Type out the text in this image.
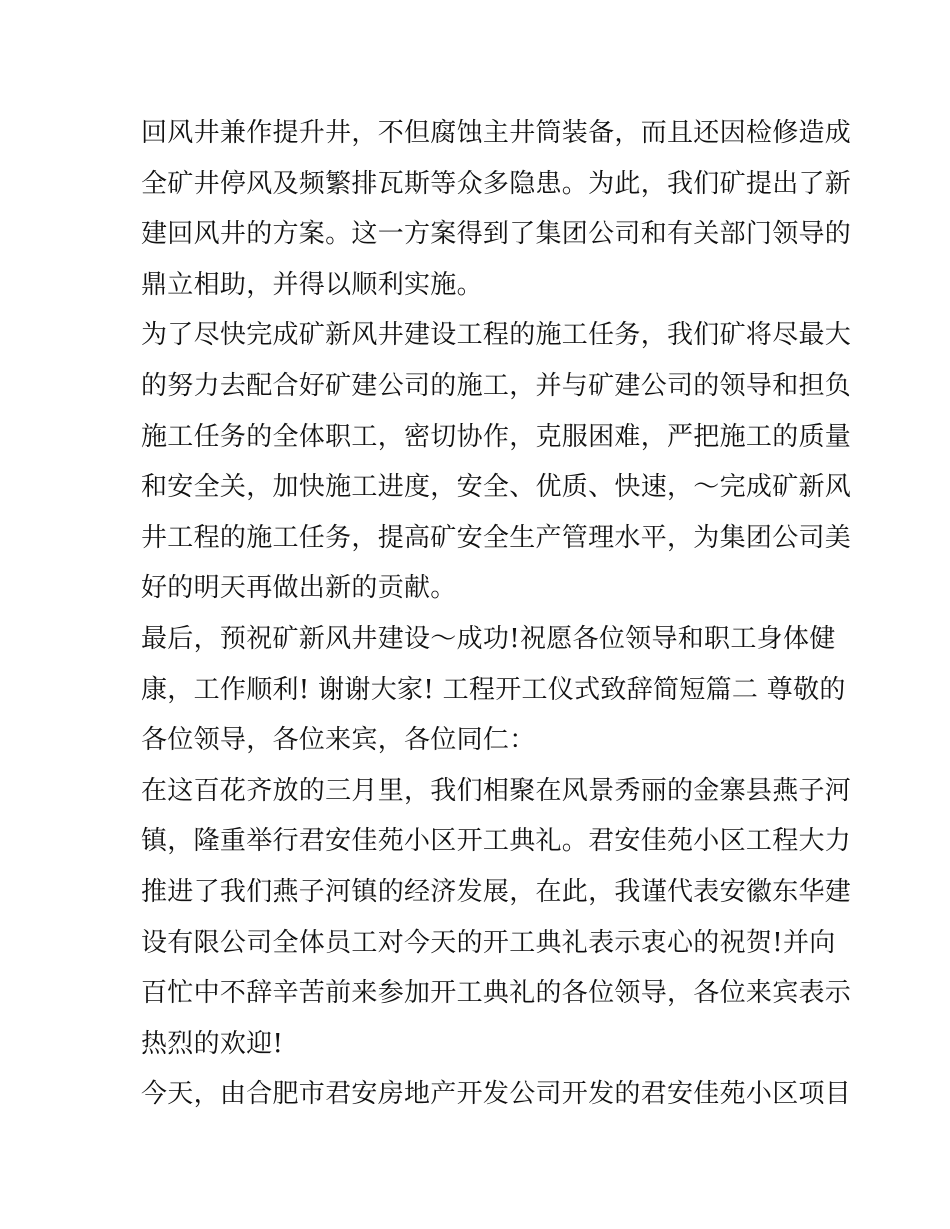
回风井兼作提升井，不但腐蚀主井筒装备，而且还因检修造成
全矿井停风及频繁排瓦斯等众多隐患。为此，我们矿提出了新
建回风井的方案。这一方案得到了集团公司和有关部门领导的
鼎立相助，并得以顺利实施。
为了尽快完成矿新风井建设工程的施工任务，我们矿将尽最大
的努力去配合好矿建公司的施工，并与矿建公司的领导和担负
施工任务的全体职工，密切协作，克服困难，严把施工的质量
和安全关，加快施工进度，安全、优质、快速，～完成矿新风
井工程的施工任务，提高矿安全生产管理水平，为集团公司美
好的明天再做出新的贡献。
最后，预祝矿新风井建设～成功!祝愿各位领导和职工身体健
康，工作顺利! 谢谢大家! 工程开工仪式致辞简短篇二 尊敬的
各位领导，各位来宾，各位同仁：
在这百花齐放的三月里，我们相聚在风景秀丽的金寨县燕子河
镇，隆重举行君安佳苑小区开工典礼。君安佳苑小区工程大力
推进了我们燕子河镇的经济发展，在此，我谨代表安徽东华建
设有限公司全体员工对今天的开工典礼表示衷心的祝贺!并向
百忙中不辞辛苦前来参加开工典礼的各位领导，各位来宾表示
热烈的欢迎!
今天，由合肥市君安房地产开发公司开发的君安佳苑小区项目
